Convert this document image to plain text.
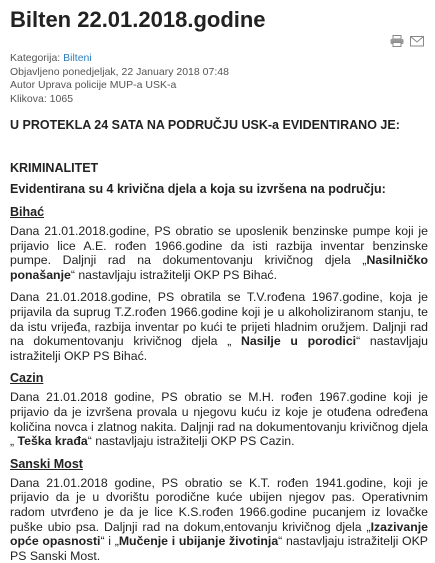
Bilten 22.01.2018.godine
Kategorija: Bilteni
Objavljeno ponedjeljak, 22 January 2018 07:48
Autor Uprava policije MUP-a USK-a
Klikova: 1065
U PROTEKLA 24 SATA NA PODRUČJU USK-a EVIDENTIRANO JE:
KRIMINALITET
Evidentirana su 4 krivična djela a koja su izvršena na području:
Bihać

Dana 21.01.2018.godine, PS obratio se uposlenik benzinske pumpe koji je prijavio lice A.E. rođen 1966.godine da isti razbija inventar benzinske pumpe. Daljnji rad na dokumentovanju krivičnog djela „Nasilničko ponašanje“ nastavljaju istražitelji OKP PS Bihać.

Dana 21.01.2018.godine, PS obratila se T.V.rođena 1967.godine, koja je prijavila da suprug T.Z.rođen 1966.godine koji je u alkoholiziranom stanju, te da istu vrijeđa, razbija inventar po kući te prijeti hladnim oružjem. Daljnji rad na dokumentovanju krivičnog djela „ Nasilje u porodici“ nastavljaju istražitelji OKP PS Bihać.

Cazin

Dana 21.01.2018 godine, PS obratio se M.H. rođen 1967.godine koji je prijavio da je izvršena provala u njegovu kuću iz koje je otuđena određena količina novca i zlatnog nakita. Daljnji rad na dokumentovanju krivičnog djela „ Teška krađa“ nastavljaju istražitelji OKP PS Cazin.

Sanski Most

Dana 21.01.2018 godine, PS obratio se K.T. rođen 1941.godine, koji je prijavio da je u dvorištu porodične kuće ubijen njegov pas. Operativnim radom utvrđeno je da je lice K.S.rođen 1966.godine pucanjem iz lovačke puške ubio psa. Daljnji rad na dokum,entovanju krivičnog djela „Izazivanje opće opasnosti“ i „Mučenje i ubijanje životinja“ nastavljaju istražitelji OKP PS Sanski Most.
